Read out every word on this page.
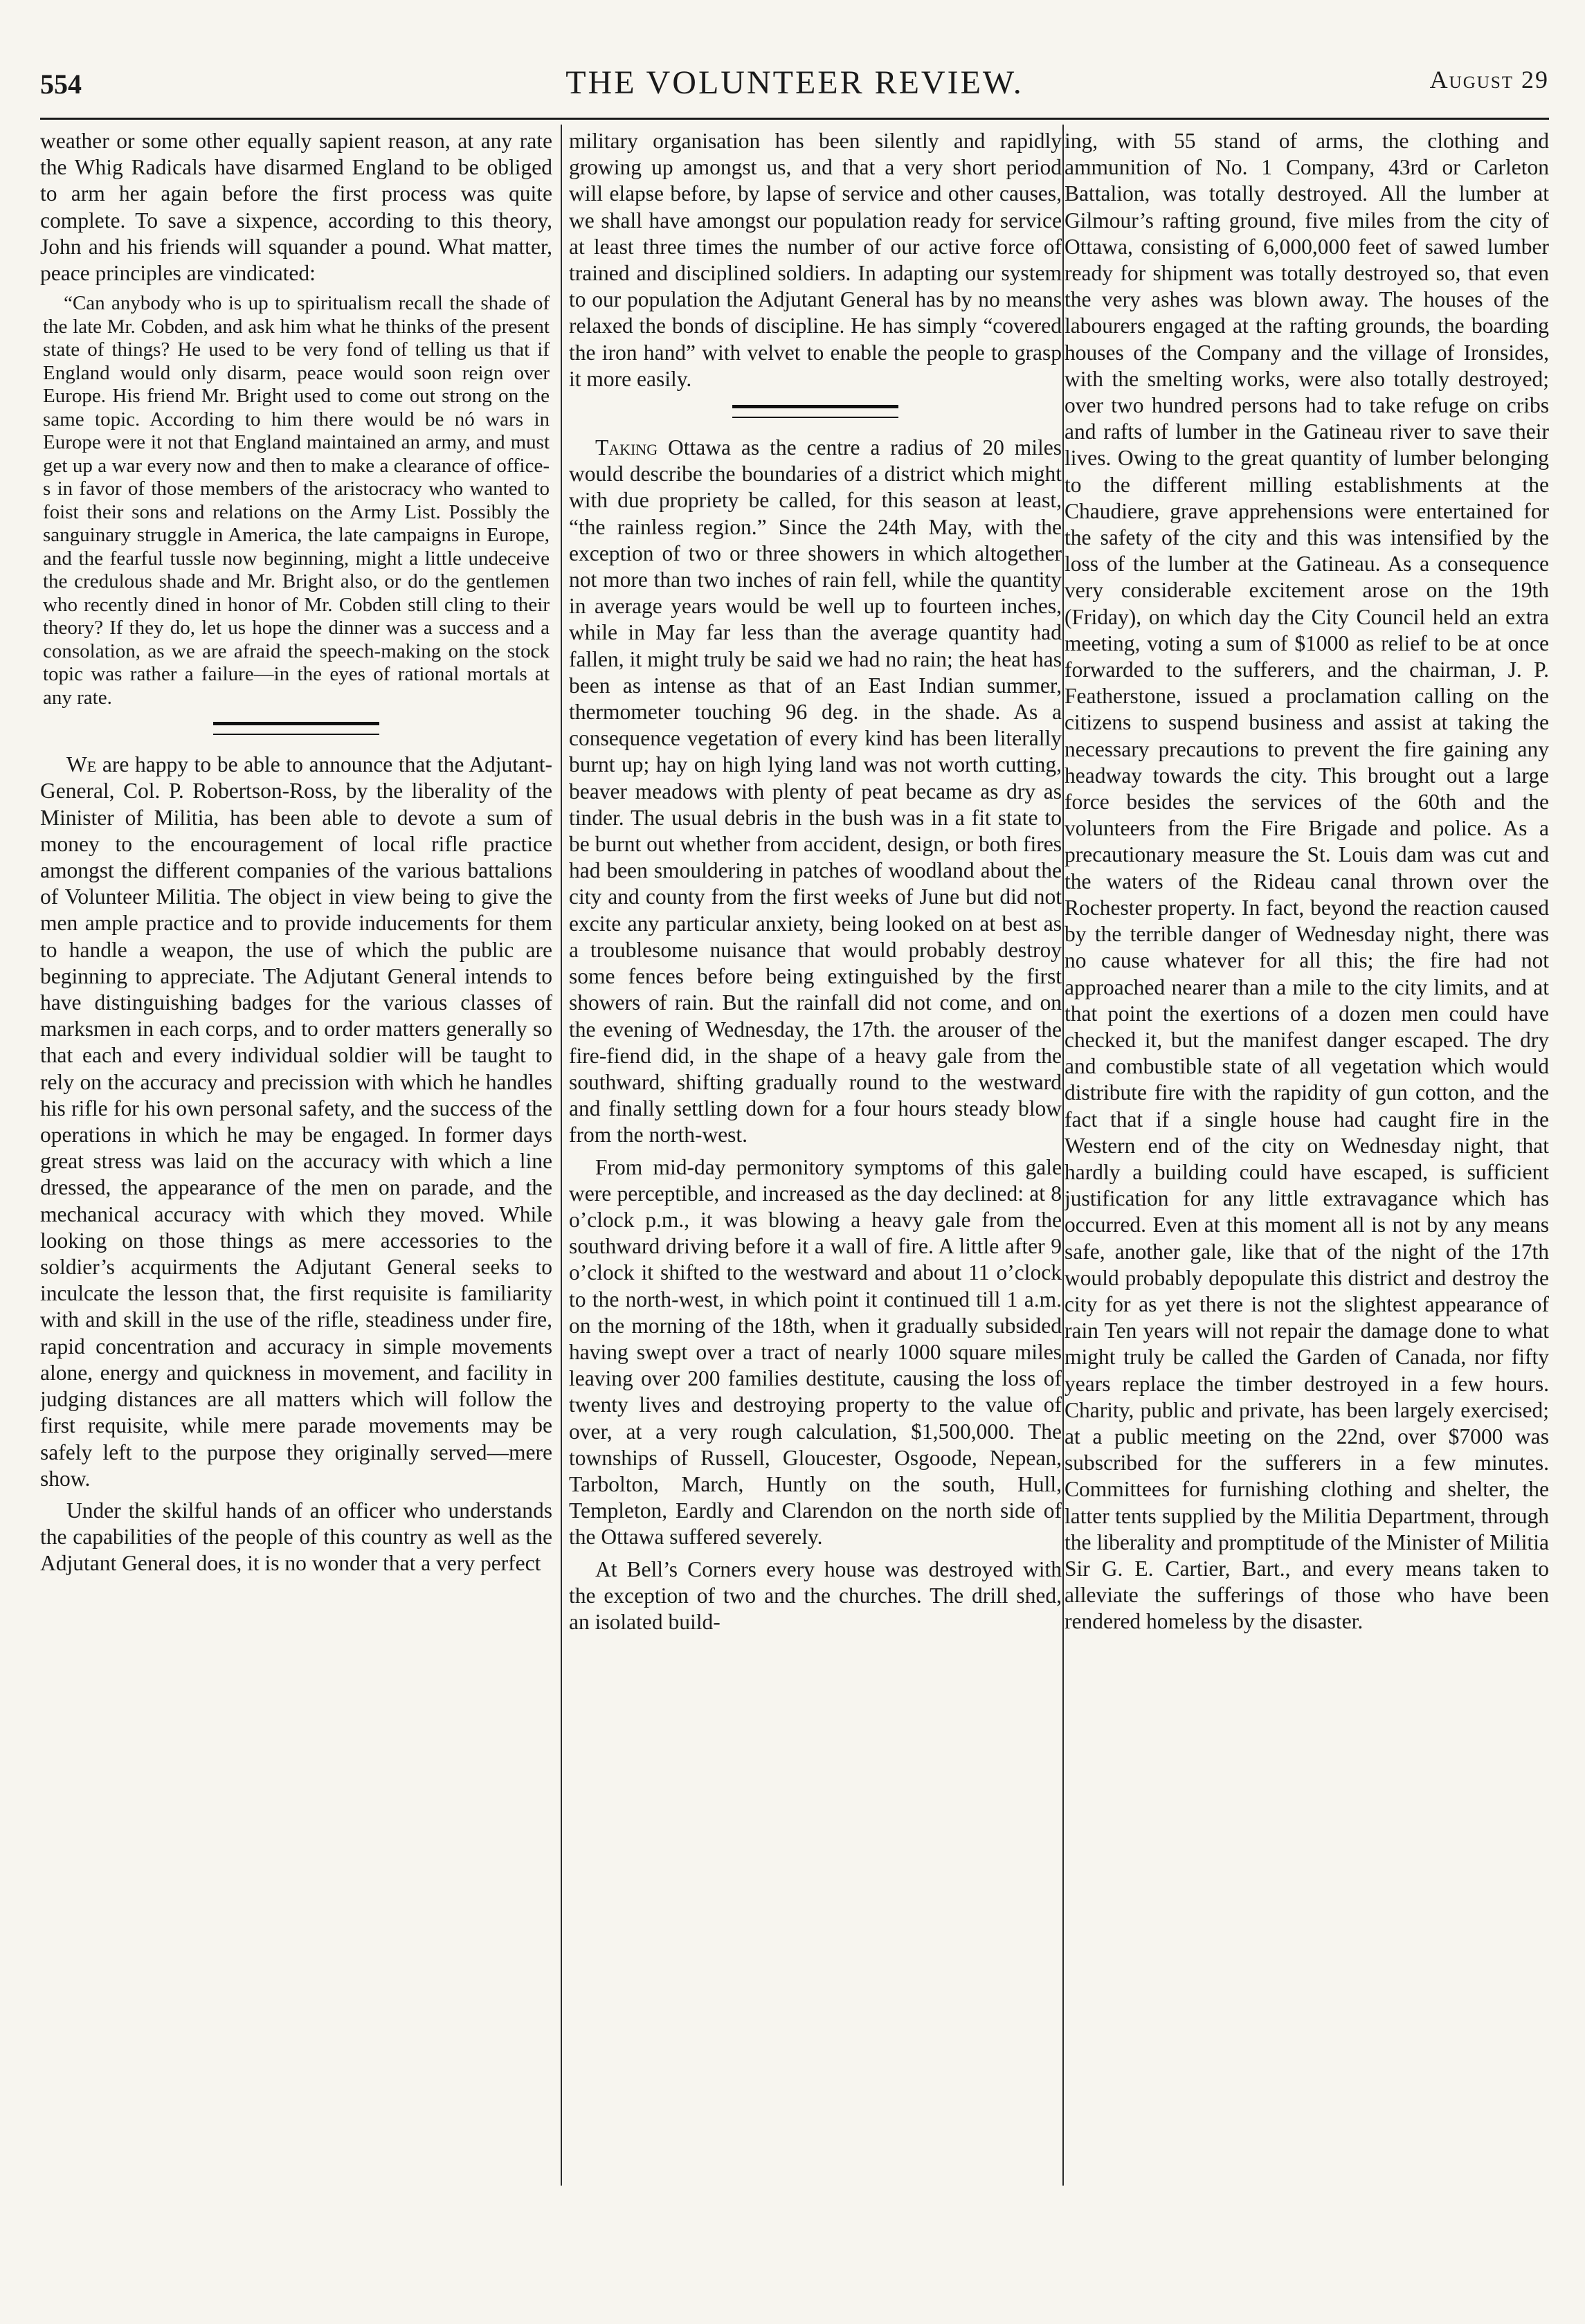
554	THE VOLUNTEER REVIEW.	August 29

weather or some other equally sapient reason, at any rate the Whig Radicals have disarmed England to be obliged to arm her again before the first process was quite complete. To save a sixpence, according to this theory, John and his friends will squander a pound. What matter, peace principles are vindicated:

“Can anybody who is up to spiritualism recall the shade of the late Mr. Cobden, and ask him what he thinks of the present state of things? He used to be very fond of telling us that if England would only disarm, peace would soon reign over Europe. His friend Mr. Bright used to come out strong on the same topic. According to him there would be nó wars in Europe were it not that England maintained an army, and must get up a war every now and then to make a clearance of office-s in favor of those members of the aristocracy who wanted to foist their sons and relations on the Army List. Possibly the sanguinary struggle in America, the late campaigns in Europe, and the fearful tussle now beginning, might a little undeceive the credulous shade and Mr. Bright also, or do the gentlemen who recently dined in honor of Mr. Cobden still cling to their theory? If they do, let us hope the dinner was a success and a consolation, as we are afraid the speech-making on the stock topic was rather a failure—in the eyes of rational mortals at any rate.

We are happy to be able to announce that the Adjutant-General, Col. P. Robertson-Ross, by the liberality of the Minister of Militia, has been able to devote a sum of money to the encouragement of local rifle practice amongst the different companies of the various battalions of Volunteer Militia. The object in view being to give the men ample practice and to provide inducements for them to handle a weapon, the use of which the public are beginning to appreciate. The Adjutant General intends to have distinguishing badges for the various classes of marksmen in each corps, and to order matters generally so that each and every individual soldier will be taught to rely on the accuracy and precission with which he handles his rifle for his own personal safety, and the success of the operations in which he may be engaged. In former days great stress was laid on the accuracy with which a line dressed, the appearance of the men on parade, and the mechanical accuracy with which they moved. While looking on those things as mere accessories to the soldier’s acquirments the Adjutant General seeks to inculcate the lesson that, the first requisite is familiarity with and skill in the use of the rifle, steadiness under fire, rapid concentration and accuracy in simple movements alone, energy and quickness in movement, and facility in judging distances are all matters which will follow the first requisite, while mere parade movements may be safely left to the purpose they originally served—mere show.

Under the skilful hands of an officer who understands the capabilities of the people of this country as well as the Adjutant General does, it is no wonder that a very perfect

military organisation has been silently and rapidly growing up amongst us, and that a very short period will elapse before, by lapse of service and other causes, we shall have amongst our population ready for service at least three times the number of our active force of trained and disciplined soldiers. In adapting our system to our population the Adjutant General has by no means relaxed the bonds of discipline. He has simply “covered the iron hand” with velvet to enable the people to grasp it more easily.

Taking Ottawa as the centre a radius of 20 miles would describe the boundaries of a district which might with due propriety be called, for this season at least, “the rainless region.” Since the 24th May, with the exception of two or three showers in which altogether not more than two inches of rain fell, while the quantity in average years would be well up to fourteen inches, while in May far less than the average quantity had fallen, it might truly be said we had no rain; the heat has been as intense as that of an East Indian summer, thermometer touching 96 deg. in the shade. As a consequence vegetation of every kind has been literally burnt up; hay on high lying land was not worth cutting, beaver meadows with plenty of peat became as dry as tinder. The usual debris in the bush was in a fit state to be burnt out whether from accident, design, or both fires had been smouldering in patches of woodland about the city and county from the first weeks of June but did not excite any particular anxiety, being looked on at best as a troublesome nuisance that would probably destroy some fences before being extinguished by the first showers of rain. But the rainfall did not come, and on the evening of Wednesday, the 17th. the arouser of the fire-fiend did, in the shape of a heavy gale from the southward, shifting gradually round to the westward and finally settling down for a four hours steady blow from the north-west.

From mid-day permonitory symptoms of this gale were perceptible, and increased as the day declined: at 8 o’clock p.m., it was blowing a heavy gale from the southward driving before it a wall of fire. A little after 9 o’clock it shifted to the westward and about 11 o’clock to the north-west, in which point it continued till 1 a.m. on the morning of the 18th, when it gradually subsided having swept over a tract of nearly 1000 square miles leaving over 200 families destitute, causing the loss of twenty lives and destroying property to the value of over, at a very rough calculation, $1,500,000. The townships of Russell, Gloucester, Osgoode, Nepean, Tarbolton, March, Huntly on the south, Hull, Templeton, Eardly and Clarendon on the north side of the Ottawa suffered severely.

At Bell’s Corners every house was destroyed with the exception of two and the churches. The drill shed, an isolated build-

ing, with 55 stand of arms, the clothing and ammunition of No. 1 Company, 43rd or Carleton Battalion, was totally destroyed. All the lumber at Gilmour’s rafting ground, five miles from the city of Ottawa, consisting of 6,000,000 feet of sawed lumber ready for shipment was totally destroyed so, that even the very ashes was blown away. The houses of the labourers engaged at the rafting grounds, the boarding houses of the Company and the village of Ironsides, with the smelting works, were also totally destroyed; over two hundred persons had to take refuge on cribs and rafts of lumber in the Gatineau river to save their lives. Owing to the great quantity of lumber belonging to the different milling establishments at the Chaudiere, grave apprehensions were entertained for the safety of the city and this was intensified by the loss of the lumber at the Gatineau. As a consequence very considerable excitement arose on the 19th (Friday), on which day the City Council held an extra meeting, voting a sum of $1000 as relief to be at once forwarded to the sufferers, and the chairman, J. P. Featherstone, issued a proclamation calling on the citizens to suspend business and assist at taking the necessary precautions to prevent the fire gaining any headway towards the city. This brought out a large force besides the services of the 60th and the volunteers from the Fire Brigade and police. As a precautionary measure the St. Louis dam was cut and the waters of the Rideau canal thrown over the Rochester property. In fact, beyond the reaction caused by the terrible danger of Wednesday night, there was no cause whatever for all this; the fire had not approached nearer than a mile to the city limits, and at that point the exertions of a dozen men could have checked it, but the manifest danger escaped. The dry and combustible state of all vegetation which would distribute fire with the rapidity of gun cotton, and the fact that if a single house had caught fire in the Western end of the city on Wednesday night, that hardly a building could have escaped, is sufficient justification for any little extravagance which has occurred. Even at this moment all is not by any means safe, another gale, like that of the night of the 17th would probably depopulate this district and destroy the city for as yet there is not the slightest appearance of rain Ten years will not repair the damage done to what might truly be called the Garden of Canada, nor fifty years replace the timber destroyed in a few hours. Charity, public and private, has been largely exercised; at a public meeting on the 22nd, over $7000 was subscribed for the sufferers in a few minutes. Committees for furnishing clothing and shelter, the latter tents supplied by the Militia Department, through the liberality and promptitude of the Minister of Militia Sir G. E. Cartier, Bart., and every means taken to alleviate the sufferings of those who have been rendered homeless by the disaster.
